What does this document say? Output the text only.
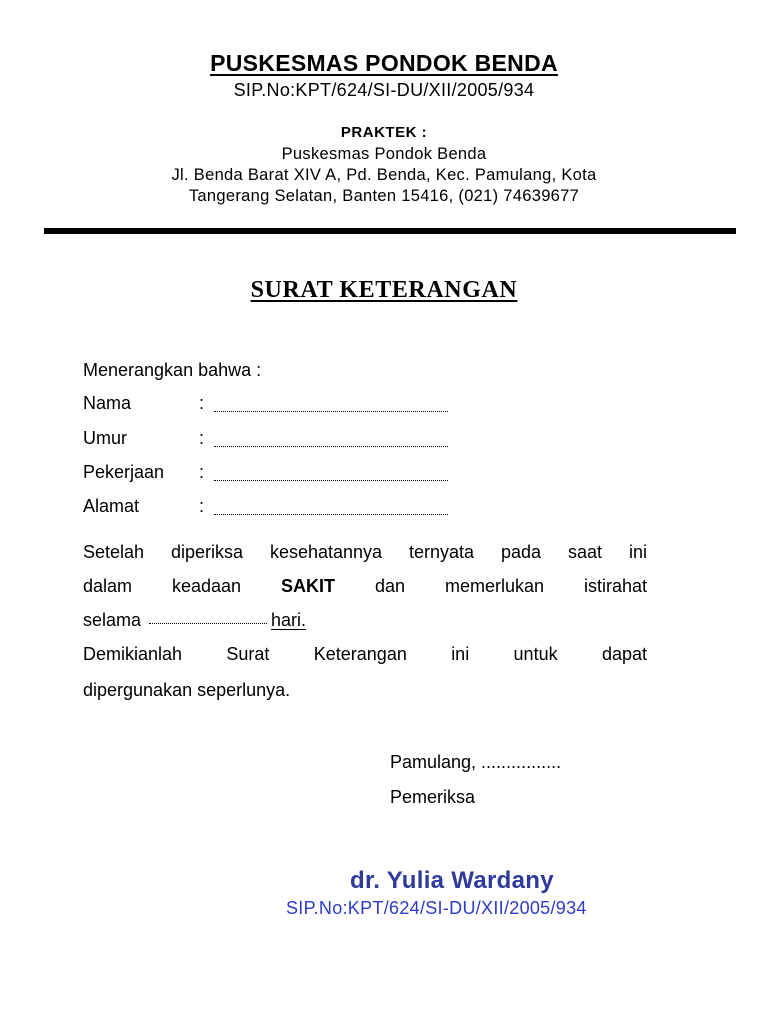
PUSKESMAS PONDOK BENDA
SIP.No:KPT/624/SI-DU/XII/2005/934
PRAKTEK :
Puskesmas Pondok Benda
Jl. Benda Barat XIV A, Pd. Benda, Kec. Pamulang, Kota
Tangerang Selatan, Banten 15416, (021) 74639677
SURAT KETERANGAN
Menerangkan bahwa :
Nama	:
Umur	:
Pekerjaan :
Alamat	:
Setelah diperiksa kesehatannya ternyata pada saat ini
dalam keadaan SAKIT dan memerlukan istirahat
selama	hari.
Demikianlah Surat Keterangan ini untuk dapat
dipergunakan seperlunya.
Pamulang, ................
Pemeriksa
dr. Yulia Wardany
SIP.No:KPT/624/SI-DU/XII/2005/934
